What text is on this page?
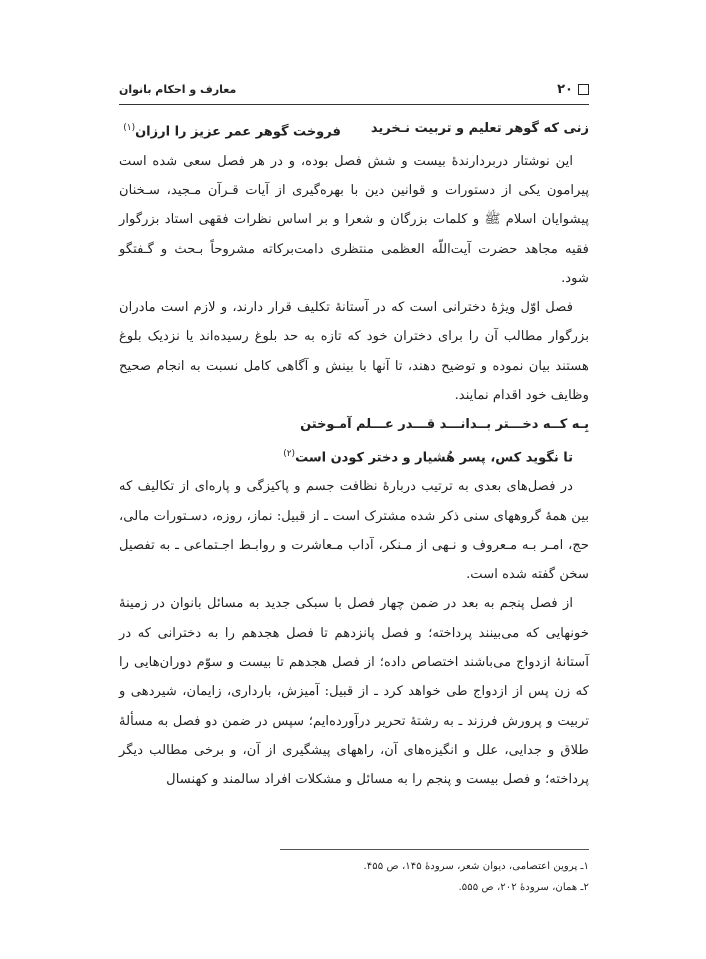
۲۰
معارف و احکام بانوان
زنی که گوهر تعلیم و تربیت نـخرید
فروخت گوهر عمر عزیز را ارزان$^{(۱)}$

این نوشتار دربردارندهٔ بیست و شش فصل بوده، و در هر فصل سعی شده است پیرامون یکی از دستورات و قوانین دین با بهره‌گیری از آیات قـرآن مـجید، سـخنان پیشوایان اسلام ﷺ و کلمات بزرگان و شعرا و بر اساس نظرات فقهی استاد بزرگوار فقیه مجاهد حضرت آیت‌اللّه العظمی منتظری دامت‌برکاته مشروحاً بـحث و گـفتگو شود.

فصل اوّل ویژهٔ دخترانی است که در آستانهٔ تکلیف قرار دارند، و لازم است مادران بزرگوار مطالب آن را برای دختران خود که تازه به حد بلوغ رسیده‌اند یا نزدیک بلوغ هستند بیان نموده و توضیح دهند، تا آنها با بینش و آگاهی کامل نسبت به انجام صحیح وظایف خود اقدام نمایند.

بِـه کــه دخـــتر بــدانـــد قـــدر عـــلم آمـوختن
تا نگوید کس، پسر هُشیار و دختر کودن است$^{(۲)}$

در فصل‌های بعدی به ترتیب دربارهٔ نظافت جسم و پاکیزگی و پاره‌ای از تکالیف که بین همهٔ گروههای سنی ذکر شده مشترک است ـ از قبیل: نماز، روزه، دسـتورات مالی، حج، امـر بـه مـعروف و نـهی از مـنکر، آداب مـعاشرت و روابـط اجـتماعی ـ به تفصیل سخن گفته شده است.

از فصل پنجم به بعد در ضمن چهار فصل با سبکی جدید به مسائل بانوان در زمینهٔ خونهایی که می‌بینند پرداخته؛ و فصل پانزدهم تا فصل هجدهم را به دخترانی که در آستانهٔ ازدواج می‌باشند اختصاص داده؛ از فصل هجدهم تا بیست و سوّم دوران‌هایی را که زن پس از ازدواج طی خواهد کرد ـ از قبیل: آمیزش، بارداری، زایمان، شیردهی و تربیت و پرورش فرزند ـ به رشتهٔ تحریر درآورده‌ایم؛ سپس در ضمن دو فصل به مسألهٔ طلاق و جدایی، علل و انگیزه‌های آن، راههای پیشگیری از آن، و برخی مطالب دیگر پرداخته؛ و فصل بیست و پنجم را به مسائل و مشکلات افراد سالمند و کهنسال

۱ـ پروین اعتصامی، دیوان شعر، سرودهٔ ۱۴۵، ص ۴۵۵.
۲ـ همان، سرودهٔ ۲۰۲، ص ۵۵۵.
